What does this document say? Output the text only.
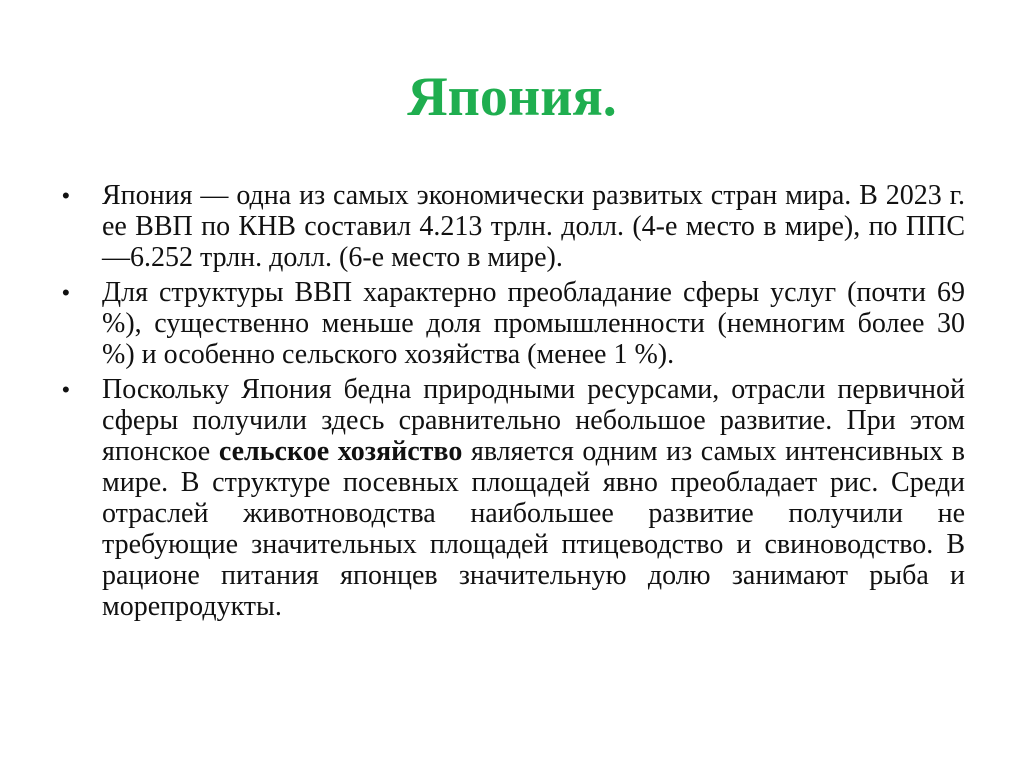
Япония.
•	Япония — одна из самых экономически развитых стран мира. В 2023 г. ее ВВП по КНВ составил 4.213 трлн. долл. (4-е место в мире), по ППС —6.252 трлн. долл. (6-е место в мире).

•	Для структуры ВВП характерно преобладание сферы услуг (почти 69 %), существенно меньше доля промышленности (немногим более 30 %) и особенно сельского хозяйства (менее 1 %).

•	Поскольку Япония бедна природными ресурсами, отрасли первичной сферы получили здесь сравнительно небольшое развитие. При этом японское сельское хозяйство является одним из самых интенсивных в мире. В структуре посевных площадей явно преобладает рис. Среди отраслей животноводства наибольшее развитие получили не требующие значительных площадей птицеводство и свиноводство. В рационе питания японцев значительную долю занимают рыба и морепродукты.
